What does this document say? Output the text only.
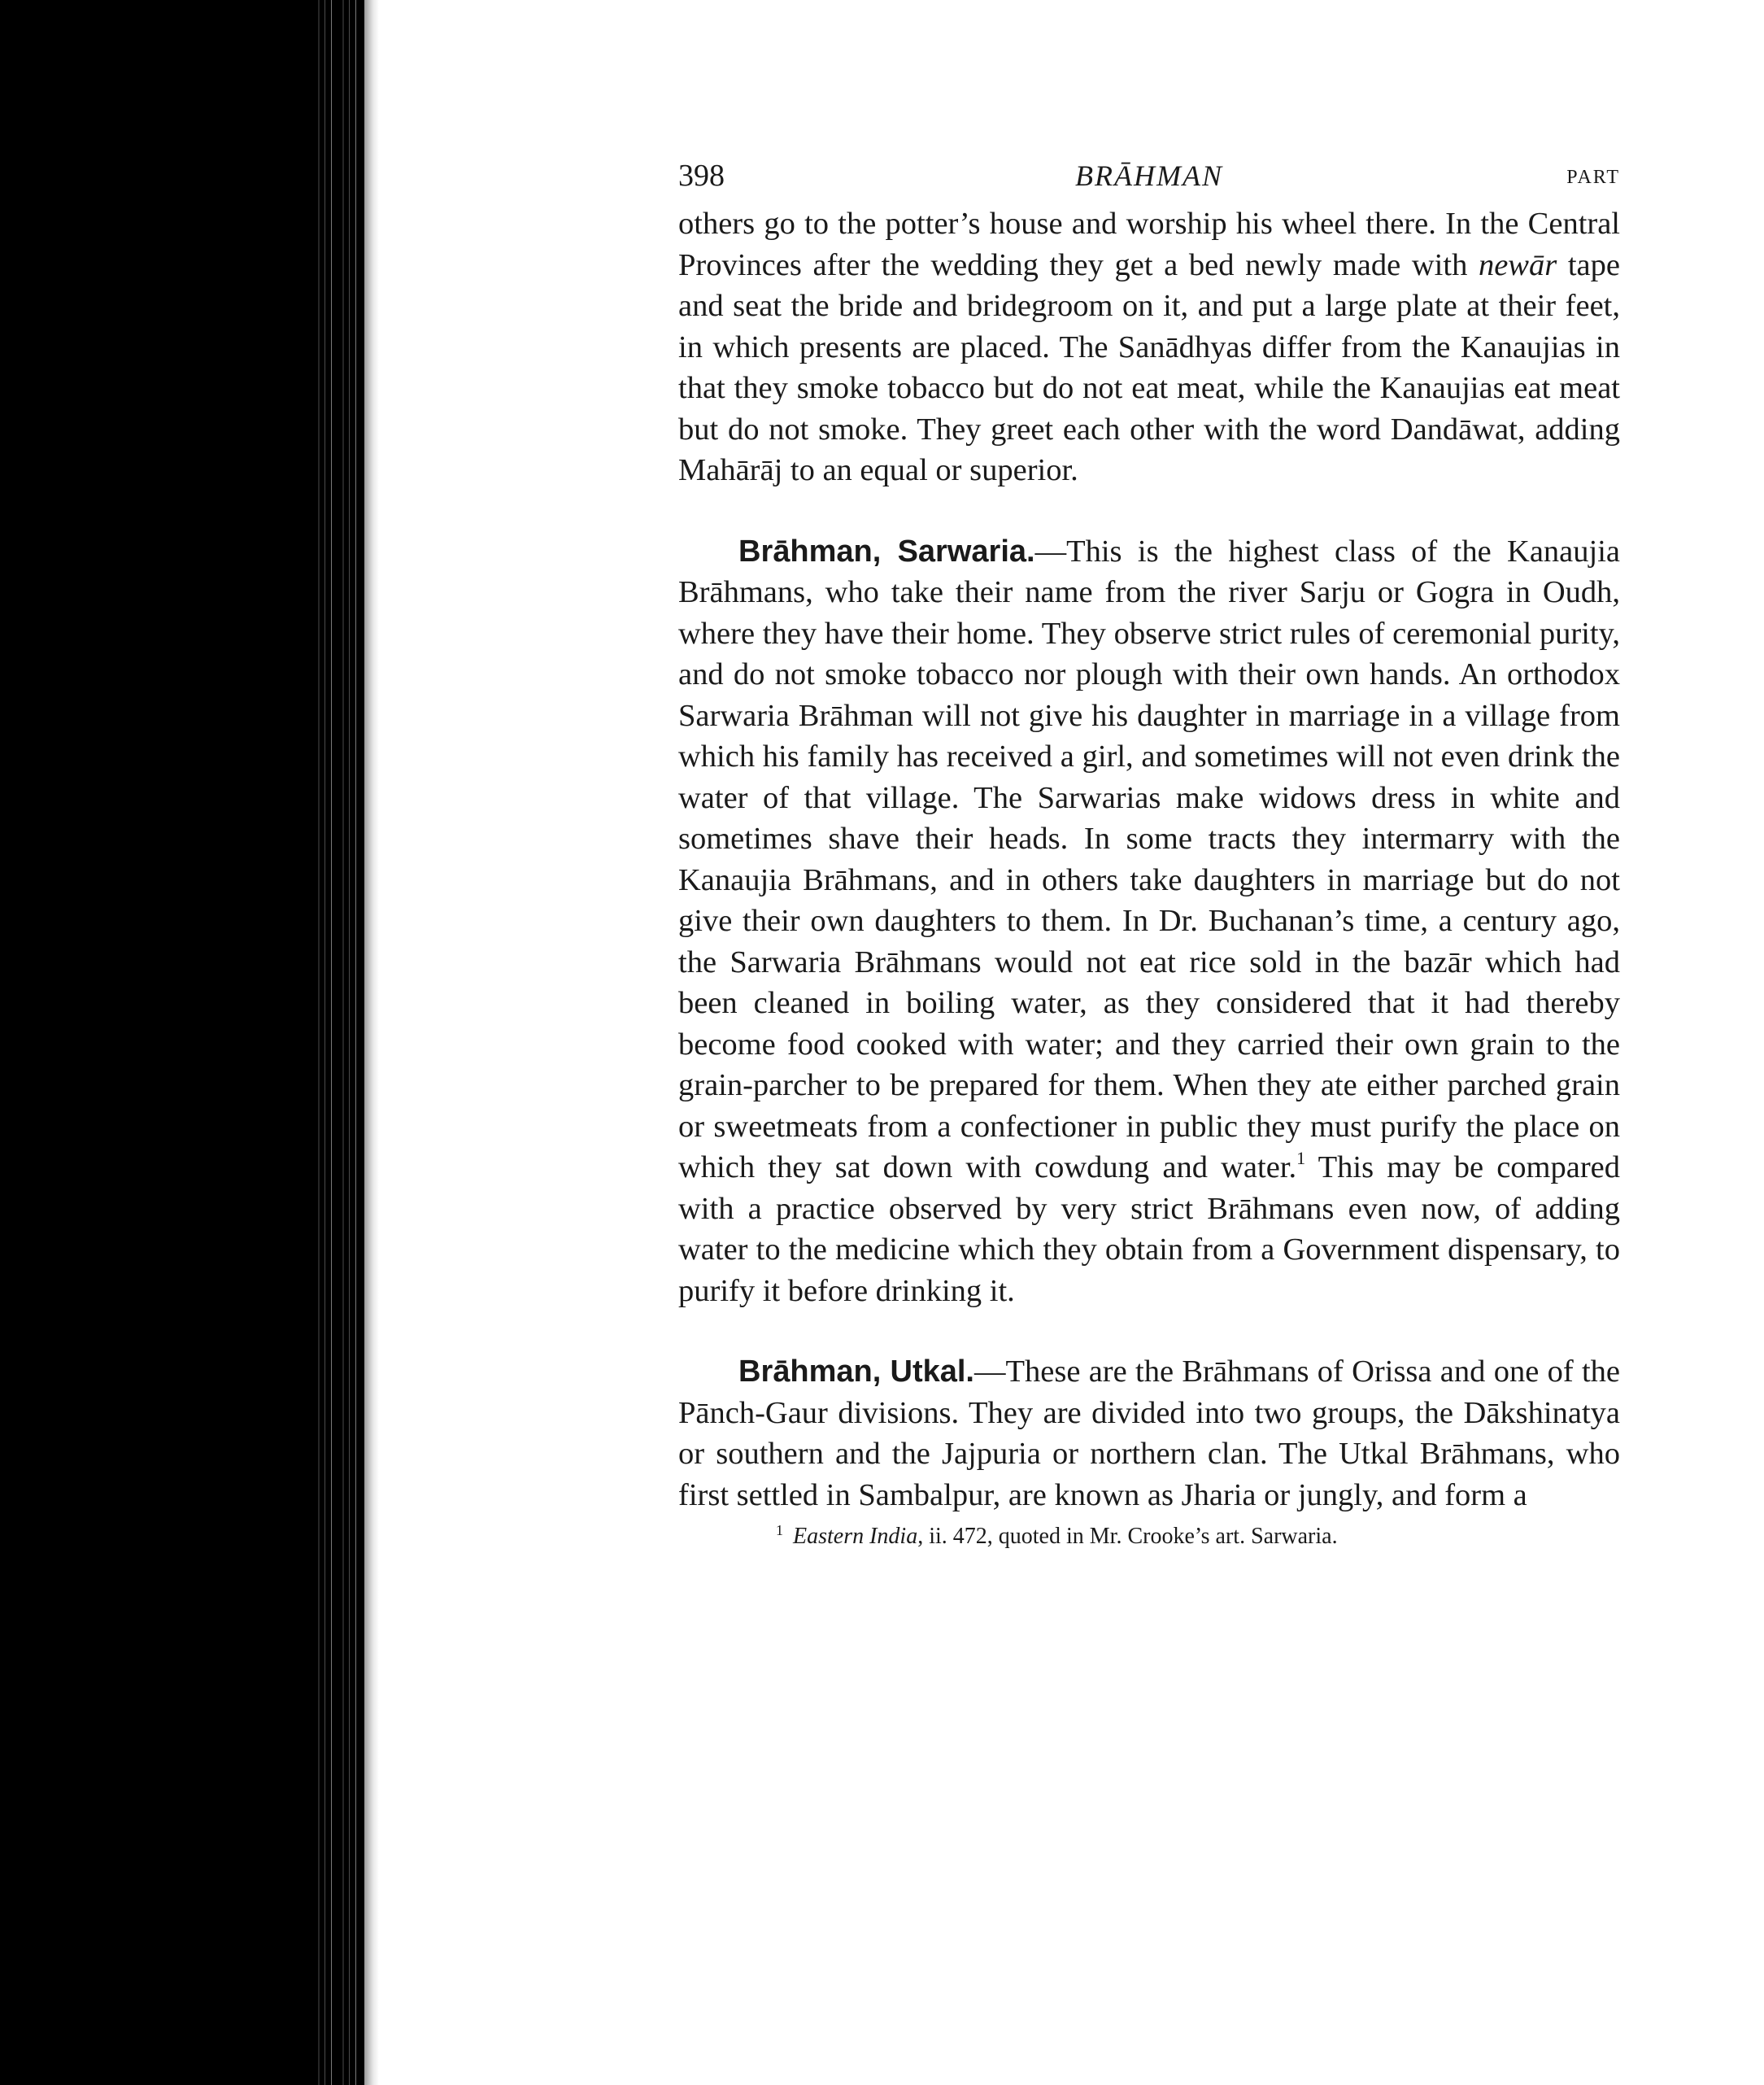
398	BRĀHMAN	PART

others go to the potter’s house and worship his wheel there. In the Central Provinces after the wedding they get a bed newly made with newār tape and seat the bride and bridegroom on it, and put a large plate at their feet, in which presents are placed. The Sanādhyas differ from the Kanaujias in that they smoke tobacco but do not eat meat, while the Kanaujias eat meat but do not smoke. They greet each other with the word Dandāwat, adding Mahārāj to an equal or superior.

Brāhman, Sarwaria.—This is the highest class of the Kanaujia Brāhmans, who take their name from the river Sarju or Gogra in Oudh, where they have their home. They observe strict rules of ceremonial purity, and do not smoke tobacco nor plough with their own hands. An orthodox Sarwaria Brāhman will not give his daughter in marriage in a village from which his family has received a girl, and sometimes will not even drink the water of that village. The Sarwarias make widows dress in white and sometimes shave their heads. In some tracts they intermarry with the Kanaujia Brāhmans, and in others take daughters in marriage but do not give their own daughters to them. In Dr. Buchanan’s time, a century ago, the Sarwaria Brāhmans would not eat rice sold in the bazār which had been cleaned in boiling water, as they considered that it had thereby become food cooked with water; and they carried their own grain to the grain-parcher to be prepared for them. When they ate either parched grain or sweetmeats from a confectioner in public they must purify the place on which they sat down with cowdung and water.$^1$ This may be compared with a practice observed by very strict Brāhmans even now, of adding water to the medicine which they obtain from a Government dispensary, to purify it before drinking it.

Brāhman, Utkal.—These are the Brāhmans of Orissa and one of the Pānch-Gaur divisions. They are divided into two groups, the Dākshinatya or southern and the Jajpuria or northern clan. The Utkal Brāhmans, who first settled in Sambalpur, are known as Jharia or jungly, and form a

$^1$ Eastern India, ii. 472, quoted in Mr. Crooke’s art. Sarwaria.
